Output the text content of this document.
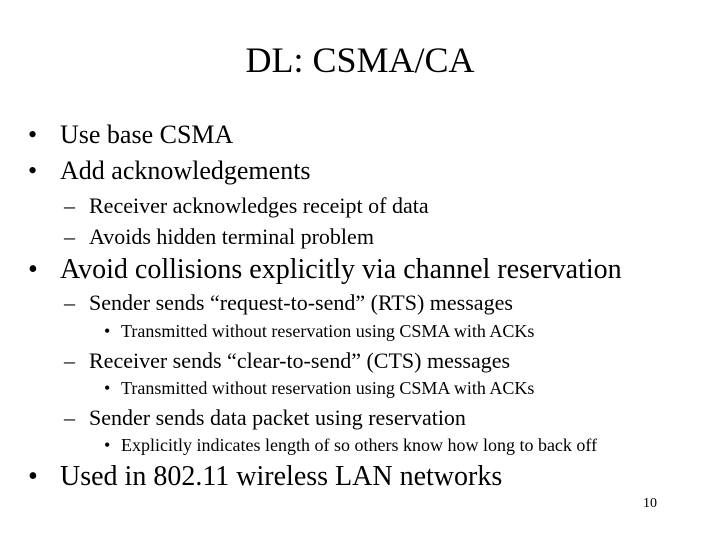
DL: CSMA/CA
• Use base CSMA
• Add acknowledgements
– Receiver acknowledges receipt of data
– Avoids hidden terminal problem
• Avoid collisions explicitly via channel reservation
– Sender sends “request-to-send” (RTS) messages
• Transmitted without reservation using CSMA with ACKs
– Receiver sends “clear-to-send” (CTS) messages
• Transmitted without reservation using CSMA with ACKs
– Sender sends data packet using reservation
• Explicitly indicates length of so others know how long to back off
• Used in 802.11 wireless LAN networks
10
